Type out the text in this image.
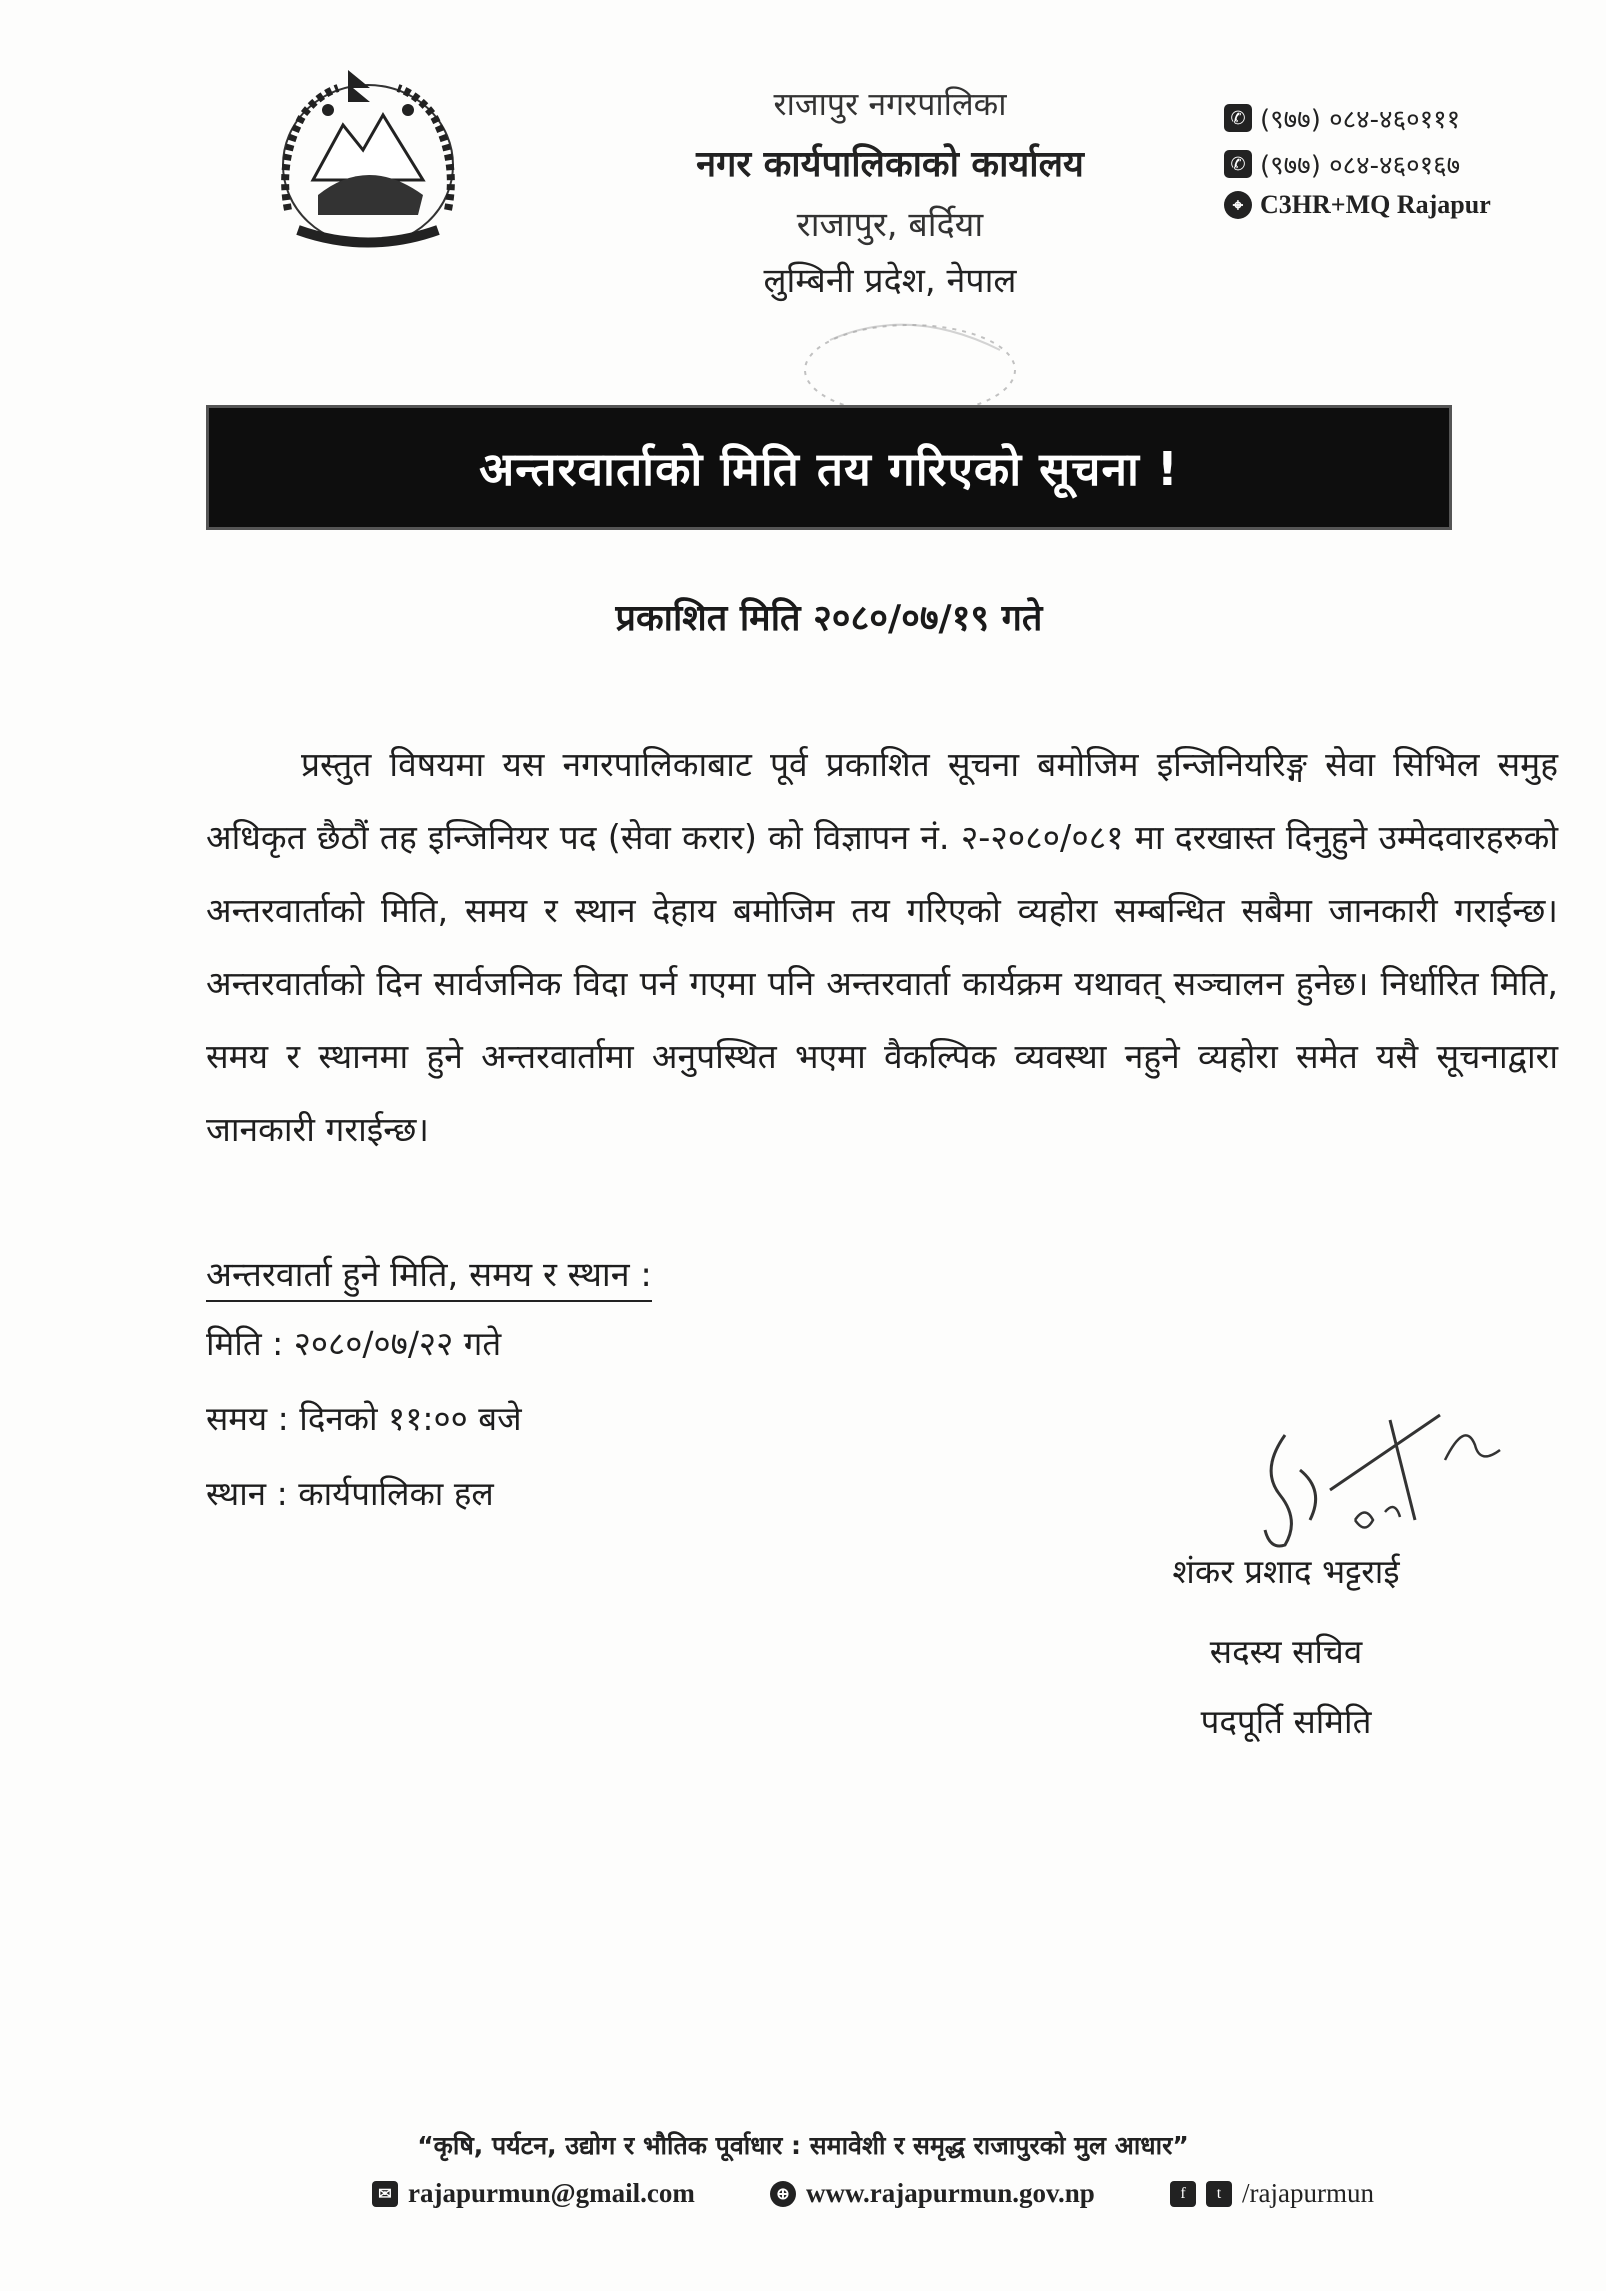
राजापुर नगरपालिका
नगर कार्यपालिकाको कार्यालय
राजापुर, बर्दिया
लुम्बिनी प्रदेश, नेपाल
✆ (९७७) ०८४-४६०१११
✆ (९७७) ०८४-४६०१६७
⌖ C3HR+MQ Rajapur
अन्तरवार्ताको मिति तय गरिएको सूचना !
प्रकाशित मिति २०८०/०७/१९ गते
प्रस्तुत विषयमा यस नगरपालिकाबाट पूर्व प्रकाशित सूचना बमोजिम इन्जिनियरिङ्ग सेवा सिभिल समुह अधिकृत छैठौं तह इन्जिनियर पद (सेवा करार) को विज्ञापन नं. २-२०८०/०८१ मा दरखास्त दिनुहुने उम्मेदवारहरुको अन्तरवार्ताको मिति, समय र स्थान देहाय बमोजिम तय गरिएको व्यहोरा सम्बन्धित सबैमा जानकारी गराईन्छ। अन्तरवार्ताको दिन सार्वजनिक विदा पर्न गएमा पनि अन्तरवार्ता कार्यक्रम यथावत् सञ्चालन हुनेछ। निर्धारित मिति, समय र स्थानमा हुने अन्तरवार्तामा अनुपस्थित भएमा वैकल्पिक व्यवस्था नहुने व्यहोरा समेत यसै सूचनाद्वारा जानकारी गराईन्छ।
अन्तरवार्ता हुने मिति, समय र स्थान :
मिति : २०८०/०७/२२ गते
समय : दिनको ११:०० बजे
स्थान : कार्यपालिका हल
शंकर प्रशाद भट्टराई
सदस्य सचिव
पदपूर्ति समिति
“कृषि, पर्यटन, उद्योग र भौतिक पूर्वाधार : समावेशी र समृद्ध राजापुरको मुल आधार”
✉ rajapurmun@gmail.com	⊕ www.rajapurmun.gov.np	f	t /rajapurmun
